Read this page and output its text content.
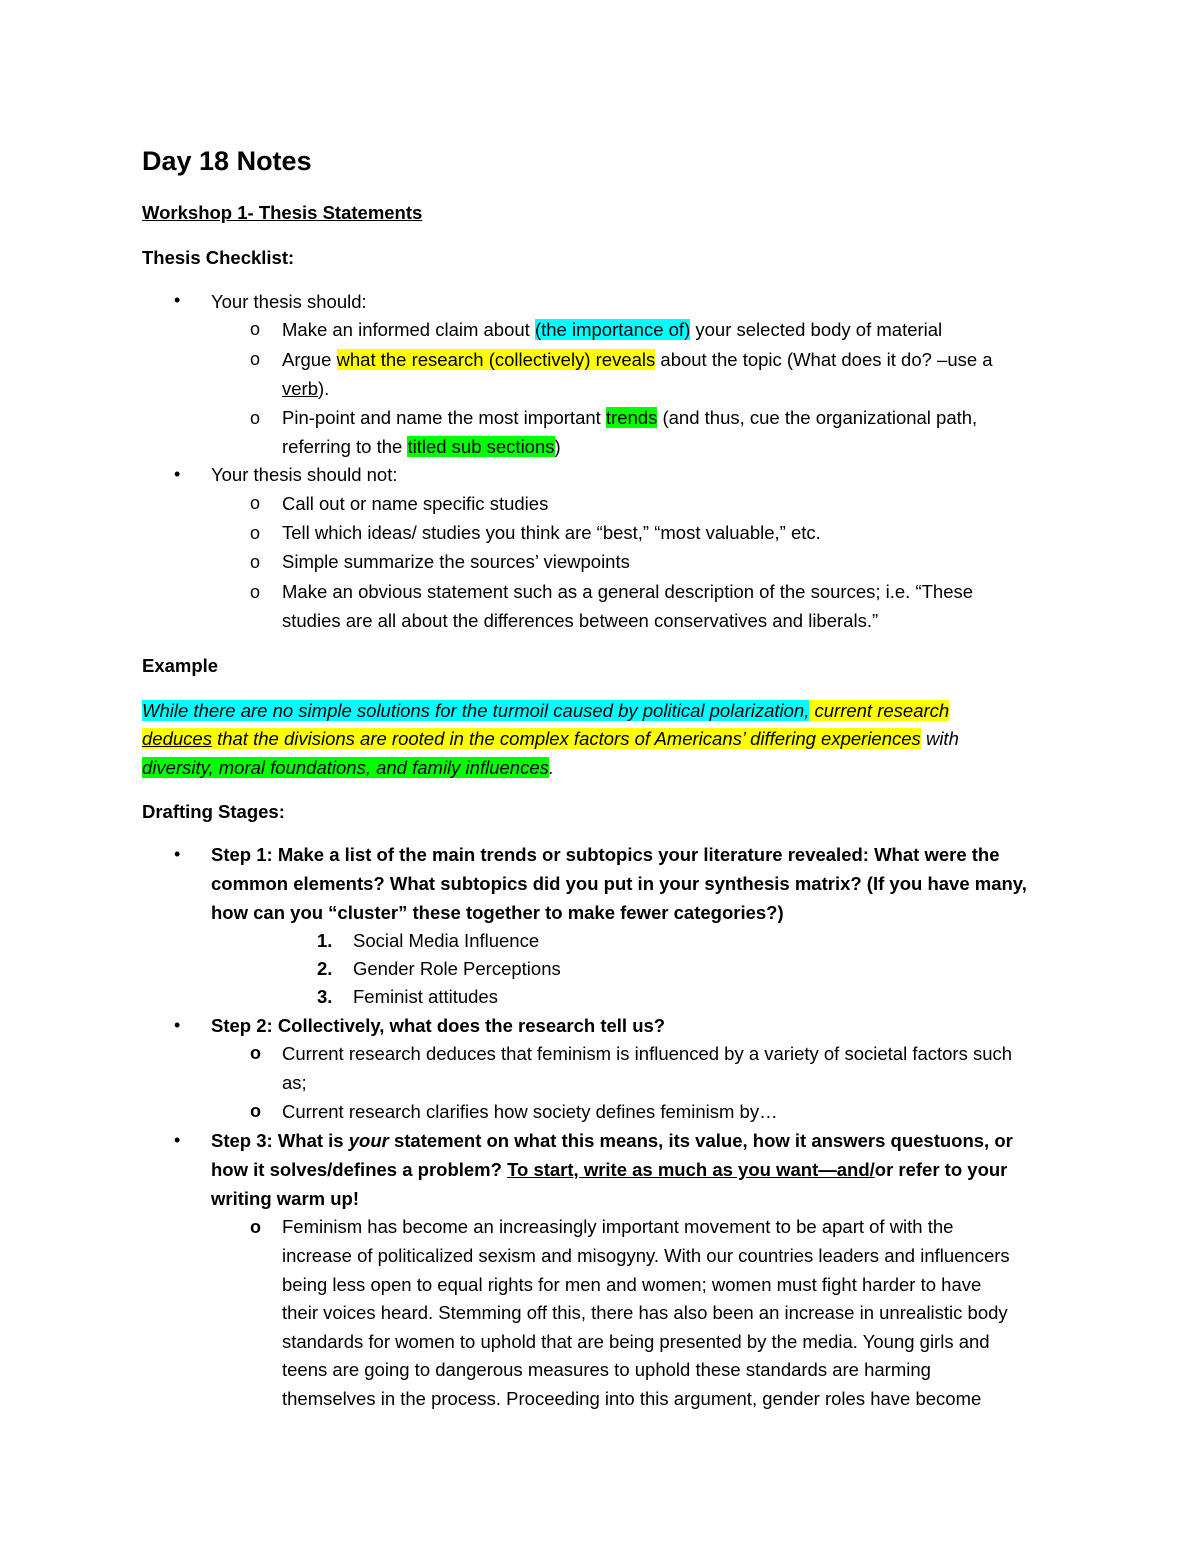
Day 18 Notes
Workshop 1- Thesis Statements
Thesis Checklist:
• Your thesis should:
o Make an informed claim about (the importance of) your selected body of material
o Argue what the research (collectively) reveals about the topic (What does it do? –use a
verb).
o Pin-point and name the most important trends (and thus, cue the organizational path,
referring to the titled sub sections)
• Your thesis should not:
o Call out or name specific studies
o Tell which ideas/ studies you think are “best,” “most valuable,” etc.
o Simple summarize the sources’ viewpoints
o Make an obvious statement such as a general description of the sources; i.e. “These
studies are all about the differences between conservatives and liberals.”
Example
While there are no simple solutions for the turmoil caused by political polarization, current research
deduces that the divisions are rooted in the complex factors of Americans’ differing experiences with
diversity, moral foundations, and family influences.
Drafting Stages:
• Step 1: Make a list of the main trends or subtopics your literature revealed: What were the
common elements? What subtopics did you put in your synthesis matrix? (If you have many,
how can you “cluster” these together to make fewer categories?)
1. Social Media Influence
2. Gender Role Perceptions
3. Feminist attitudes
• Step 2: Collectively, what does the research tell us?
o Current research deduces that feminism is influenced by a variety of societal factors such
as;
o Current research clarifies how society defines feminism by…
• Step 3: What is your statement on what this means, its value, how it answers questuons, or
how it solves/defines a problem? To start, write as much as you want—and/or refer to your
writing warm up!
o Feminism has become an increasingly important movement to be apart of with the
increase of politicalized sexism and misogyny. With our countries leaders and influencers
being less open to equal rights for men and women; women must fight harder to have
their voices heard. Stemming off this, there has also been an increase in unrealistic body
standards for women to uphold that are being presented by the media. Young girls and
teens are going to dangerous measures to uphold these standards are harming
themselves in the process. Proceeding into this argument, gender roles have become
